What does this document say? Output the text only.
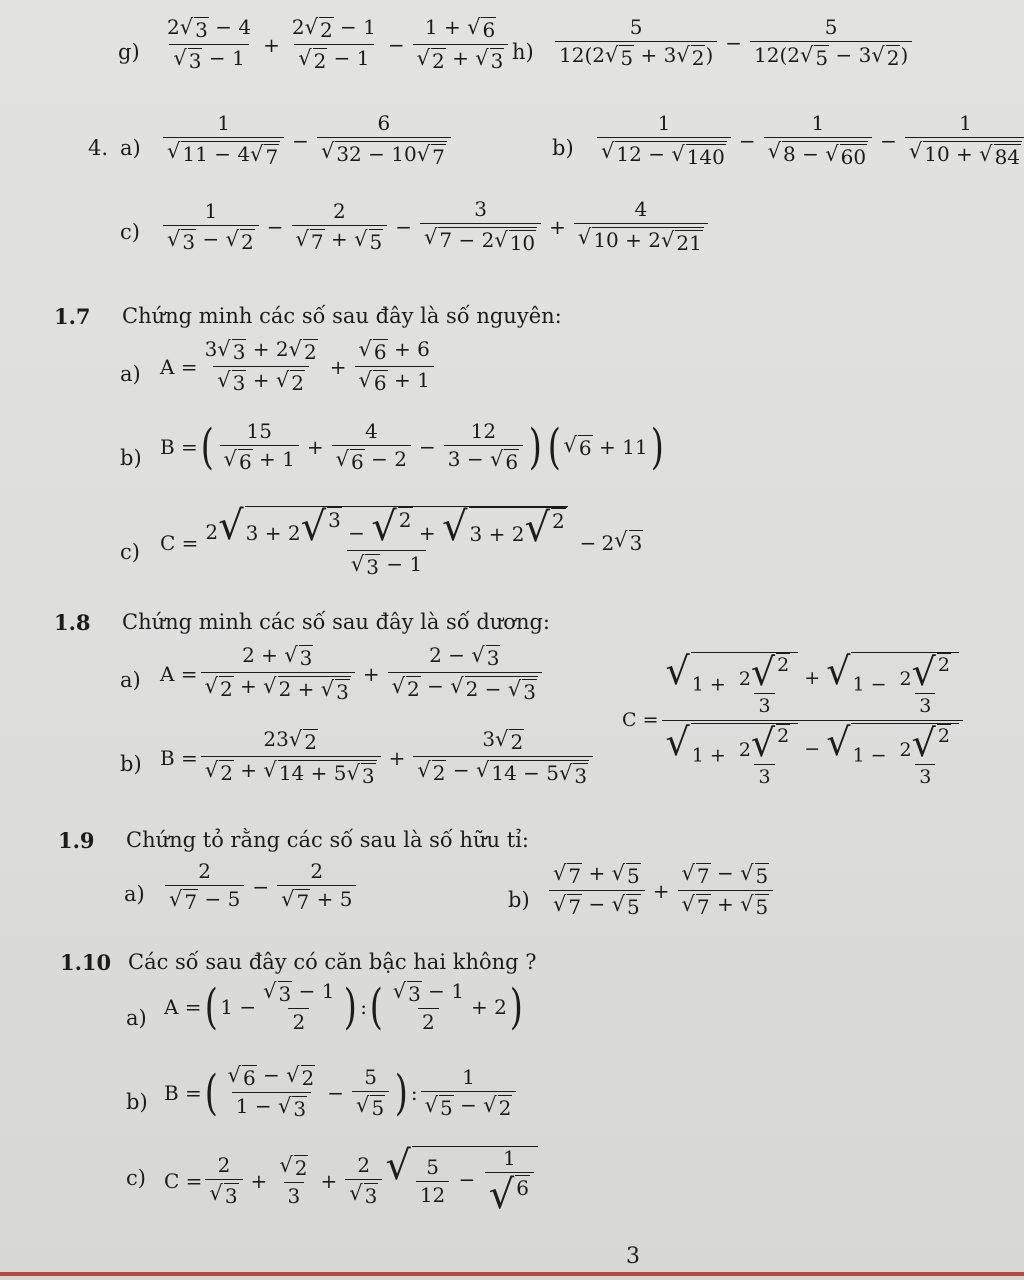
$g) \frac{2 √ 3 - 4}{√ 3 - 1} + \frac{2 √ 2 - 1}{√ 2 - 1} - \frac{1 + √ 6}{√ 2 + √ 3} h) \frac{5}{12(2 √ 5 + 3 √ 2 )} - \frac{5}{12(2 √ 5 - 3 √ 2 )}$
4. $a) \frac{1}{√ 11 - 4 √ 7} - \frac{6}{√ 32 - 10 √ 7}$	$b) \frac{1}{√ 12 - √ 140} - \frac{1}{√ 8 - √ 60} - \frac{1}{√ 10 + √ 84}$
$c) \frac{1}{√ 3 - √ 2} - \frac{2}{√ 7 + √ 5} - \frac{3}{√ 7 - 2 √ 10} + \frac{4}{√ 10 + 2 √ 21}$
1.7 Chứng minh các số sau đây là số nguyên:
a) $A = \frac{3 √ 3 + 2 √ 2}{√ 3 + √ 2} + \frac{√ 6 + 6}{√ 6 + 1}$
b) B = ( $\frac{15}{√ 6 + 1} + \frac{4}{√ 6 - 2} - \frac{12}{3 - √ 6}$ ) ( √ 6 + 11 )
c) C = 2 √ 3 + 2 √ 3
− √ 2
+ √ 3 + 2 √ 2
√ 3 − 1 − 2 √ 3
1.8 Chứng minh các số sau đây là số dương:
a) $A = \frac{2 + √ 3}{√ 2 + √ 2 + √ 3} + \frac{2 - √ 3}{√ 2 - √ 2 - √ 3}$
b) $B = \frac{23 √ 2}{√ 2 + √ 14 + 5 √ 3} + \frac{3 √ 2}{√ 2 - √ 14 - 5 √ 3}$
$C = \frac{√ 1 + \frac{2 √ 2}{3} + √ 1 - \frac{2 √ 2}{3}}{√ 1 + \frac{2 √ 2}{3} - √ 1 - \frac{2 √ 2}{3}}$
1.9 Chứng tỏ rằng các số sau là số hữu tỉ:
$a) \frac{2}{√ 7 - 5} - \frac{2}{√ 7 + 5}$	$b) \frac{√ 7 + √ 5}{√ 7 - √ 5} + \frac{√ 7 - √ 5}{√ 7 + √ 5}$
1.10 Các số sau đây có căn bậc hai không ?
a) A = ( $1 - \frac{√ 3 - 1}{2}$ ) : ( $\frac{√ 3 - 1}{2} + 2$ )
b) B = ( $\frac{√ 6 - √ 2}{1 - √ 3} - \frac{5}{√ 5}$ ) : $\frac{1}{√ 5 - √ 2}$
c) $C = \frac{2}{√ 3} + \frac{√ 2}{3} + \frac{2}{√ 3}$ √ $\frac{5}{12} - \frac{1}{√ 6}$
3
